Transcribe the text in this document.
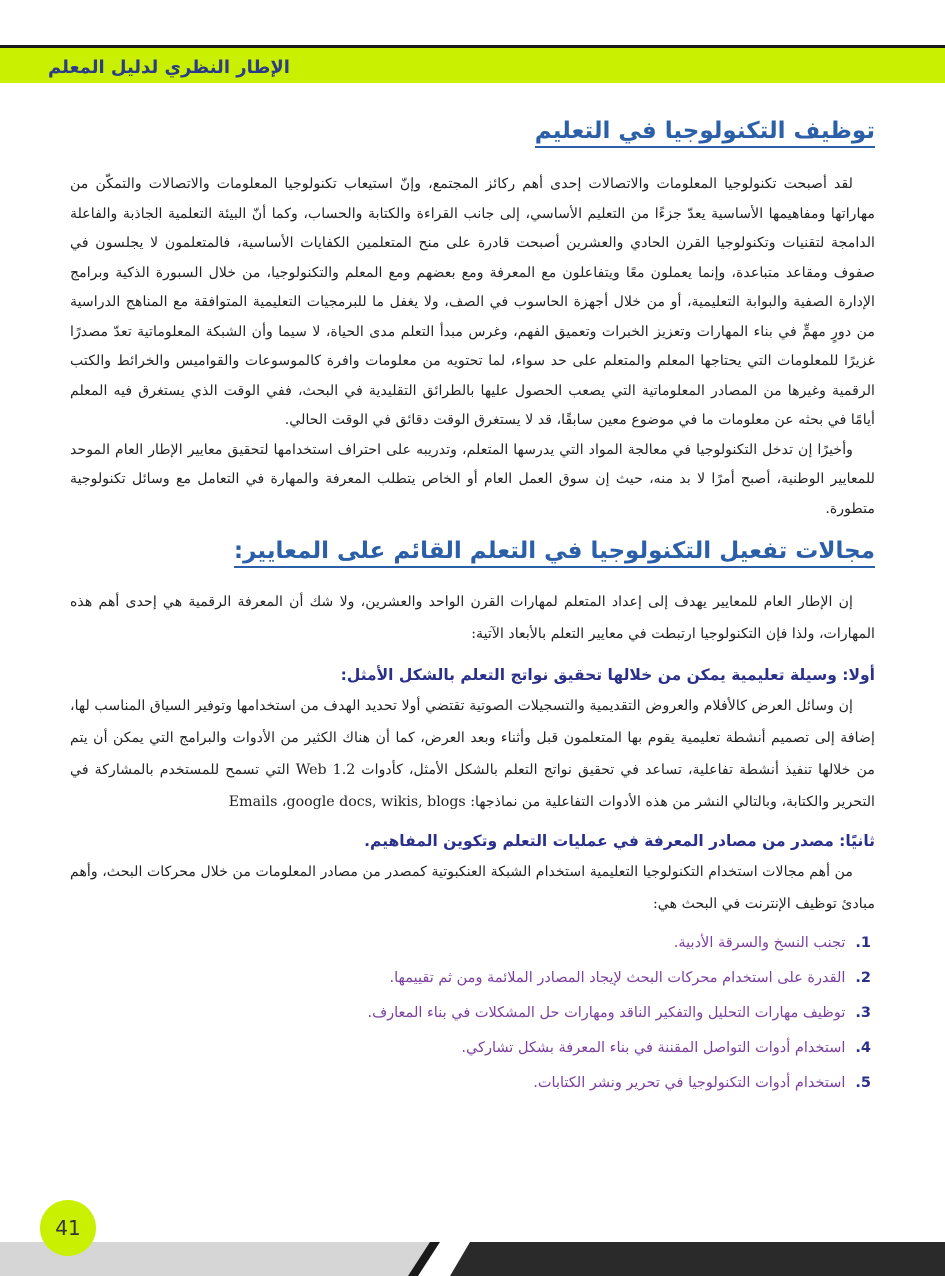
الإطار النظري لدليل المعلم
توظيف التكنولوجيا في التعليم

لقد أصبحت تكنولوجيا المعلومات والاتصالات إحدى أهم ركائز المجتمع، وإنّ استيعاب تكنولوجيا المعلومات والاتصالات والتمكّن من مهاراتها ومفاهيمها الأساسية يعدّ جزءًا من التعليم الأساسي، إلى جانب القراءة والكتابة والحساب، وكما أنّ البيئة التعلمية الجاذبة والفاعلة الدامجة لتقنيات وتكنولوجيا القرن الحادي والعشرين أصبحت قادرة على منح المتعلمين الكفايات الأساسية، فالمتعلمون لا يجلسون في صفوف ومقاعد متباعدة، وإنما يعملون معًا ويتفاعلون مع المعرفة ومع بعضهم ومع المعلم والتكنولوجيا، من خلال السبورة الذكية وبرامج الإدارة الصفية والبوابة التعليمية، أو من خلال أجهزة الحاسوب في الصف، ولا يغفل ما للبرمجيات التعليمية المتوافقة مع المناهج الدراسية من دورٍ مهمٍّ في بناء المهارات وتعزيز الخبرات وتعميق الفهم، وغرس مبدأ التعلم مدى الحياة، لا سيما وأن الشبكة المعلوماتية تعدّ مصدرًا غزيرًا للمعلومات التي يحتاجها المعلم والمتعلم على حد سواء، لما تحتويه من معلومات وافرة كالموسوعات والقواميس والخرائط والكتب الرقمية وغيرها من المصادر المعلوماتية التي يصعب الحصول عليها بالطرائق التقليدية في البحث، ففي الوقت الذي يستغرق فيه المعلم أيامًا في بحثه عن معلومات ما في موضوع معين سابقًا، قد لا يستغرق الوقت دقائق في الوقت الحالي.

وأخيرًا إن تدخل التكنولوجيا في معالجة المواد التي يدرسها المتعلم، وتدريبه على احتراف استخدامها لتحقيق معايير الإطار العام الموحد للمعايير الوطنية، أصبح أمرًا لا بد منه، حيث إن سوق العمل العام أو الخاص يتطلب المعرفة والمهارة في التعامل مع وسائل تكنولوجية متطورة.

مجالات تفعيل التكنولوجيا في التعلم القائم على المعايير:

إن الإطار العام للمعايير يهدف إلى إعداد المتعلم لمهارات القرن الواحد والعشرين، ولا شك أن المعرفة الرقمية هي إحدى أهم هذه المهارات، ولذا فإن التكنولوجيا ارتبطت في معايير التعلم بالأبعاد الآتية:

أولا: وسيلة تعليمية يمكن من خلالها تحقيق نواتج التعلم بالشكل الأمثل:

إن وسائل العرض كالأفلام والعروض التقديمية والتسجيلات الصوتية تقتضي أولا تحديد الهدف من استخدامها وتوفير السياق المناسب لها، إضافة إلى تصميم أنشطة تعليمية يقوم بها المتعلمون قبل وأثناء وبعد العرض، كما أن هناك الكثير من الأدوات والبرامج التي يمكن أن يتم من خلالها تنفيذ أنشطة تفاعلية، تساعد في تحقيق نواتج التعلم بالشكل الأمثل، كأدوات Web 1.2 التي تسمح للمستخدم بالمشاركة في التحرير والكتابة، وبالتالي النشر من هذه الأدوات التفاعلية من نماذجها: Emails ،google docs, wikis, blogs

ثانيًا: مصدر من مصادر المعرفة في عمليات التعلم وتكوين المفاهيم.

من أهم مجالات استخدام التكنولوجيا التعليمية استخدام الشبكة العنكبوتية كمصدر من مصادر المعلومات من خلال محركات البحث، وأهم مبادئ توظيف الإنترنت في البحث هي:

1.
تجنب النسخ والسرقة الأدبية.
2.
القدرة على استخدام محركات البحث لإيجاد المصادر الملائمة ومن ثم تقييمها.
3.
توظيف مهارات التحليل والتفكير الناقد ومهارات حل المشكلات في بناء المعارف.
4.
استخدام أدوات التواصل المقننة في بناء المعرفة بشكل تشاركي.
5.
استخدام أدوات التكنولوجيا في تحرير ونشر الكتابات.
41
